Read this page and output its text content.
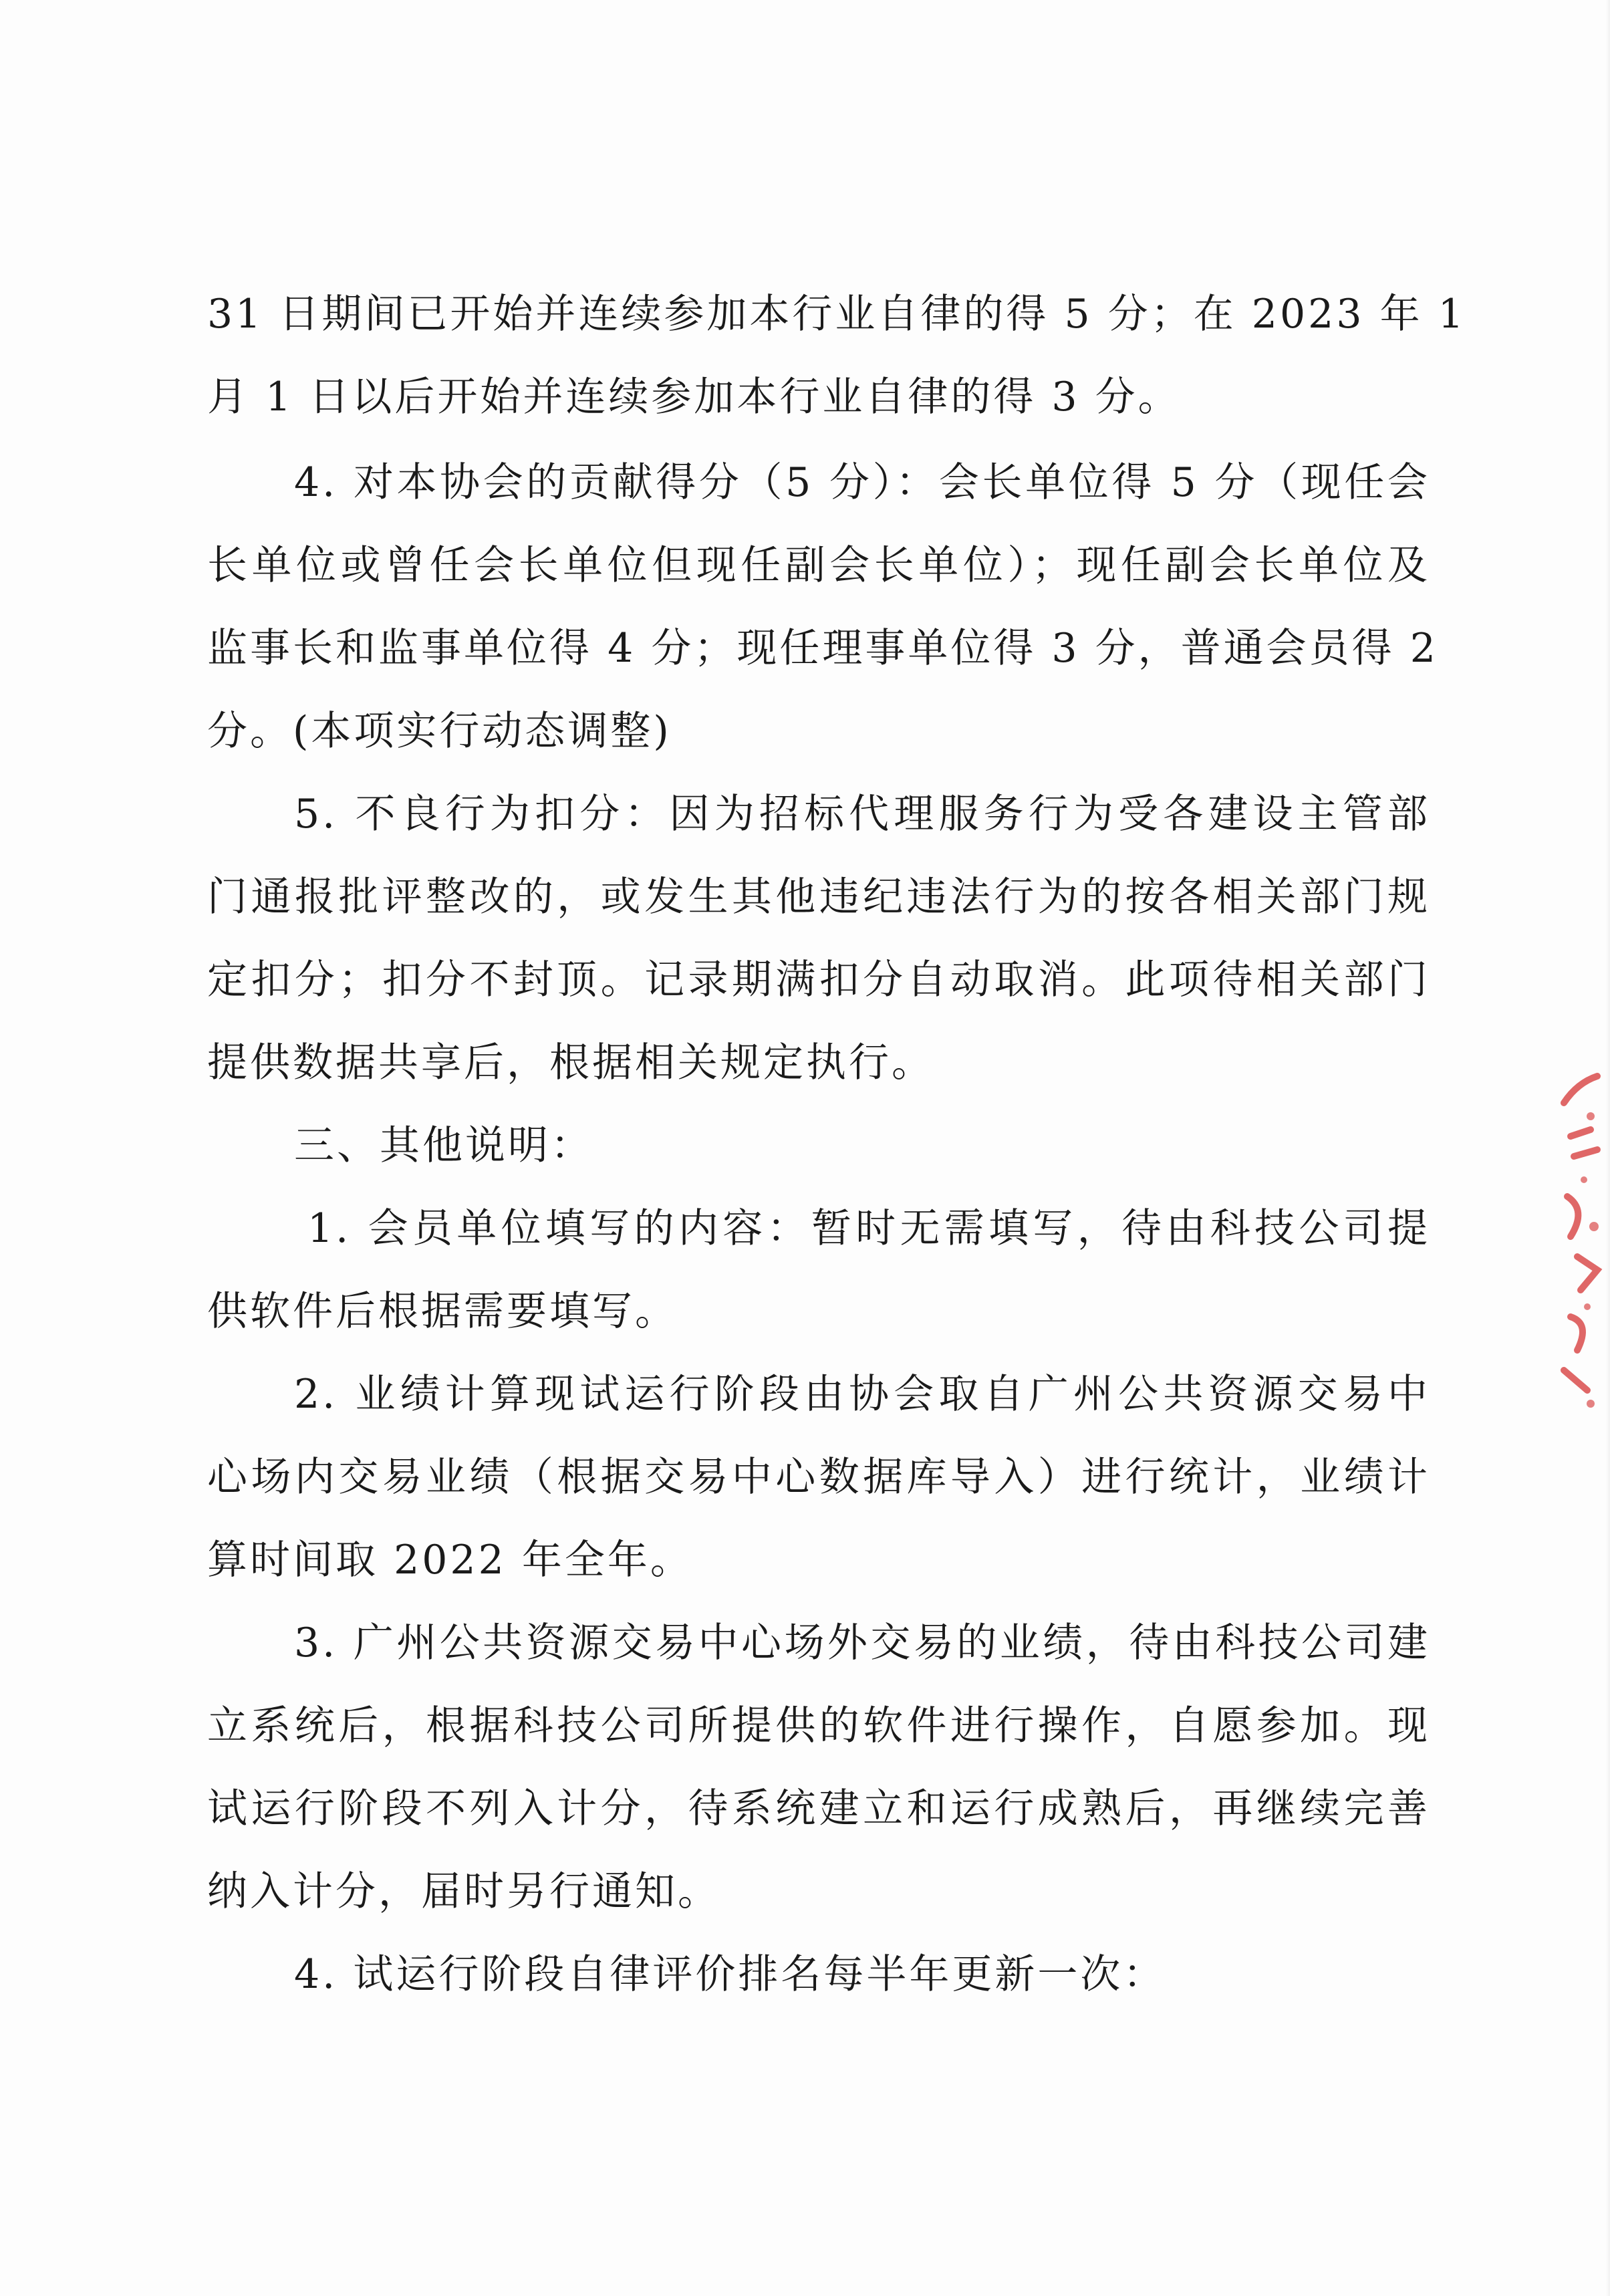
31 日期间已开始并连续参加本行业自律的得 5 分；在 2023 年 1
月 1 日以后开始并连续参加本行业自律的得 3 分。
4. 对本协会的贡献得分（5 分）：会长单位得 5 分（现任会
长单位或曾任会长单位但现任副会长单位）；现任副会长单位及
监事长和监事单位得 4 分；现任理事单位得 3 分，普通会员得 2
分。(本项实行动态调整)
5. 不良行为扣分：因为招标代理服务行为受各建设主管部
门通报批评整改的，或发生其他违纪违法行为的按各相关部门规
定扣分；扣分不封顶。记录期满扣分自动取消。此项待相关部门
提供数据共享后，根据相关规定执行。
三、其他说明：
1. 会员单位填写的内容：暂时无需填写，待由科技公司提
供软件后根据需要填写。
2. 业绩计算现试运行阶段由协会取自广州公共资源交易中
心场内交易业绩（根据交易中心数据库导入）进行统计，业绩计
算时间取 2022 年全年。
3. 广州公共资源交易中心场外交易的业绩，待由科技公司建
立系统后，根据科技公司所提供的软件进行操作，自愿参加。现
试运行阶段不列入计分，待系统建立和运行成熟后，再继续完善
纳入计分，届时另行通知。
4. 试运行阶段自律评价排名每半年更新一次：
